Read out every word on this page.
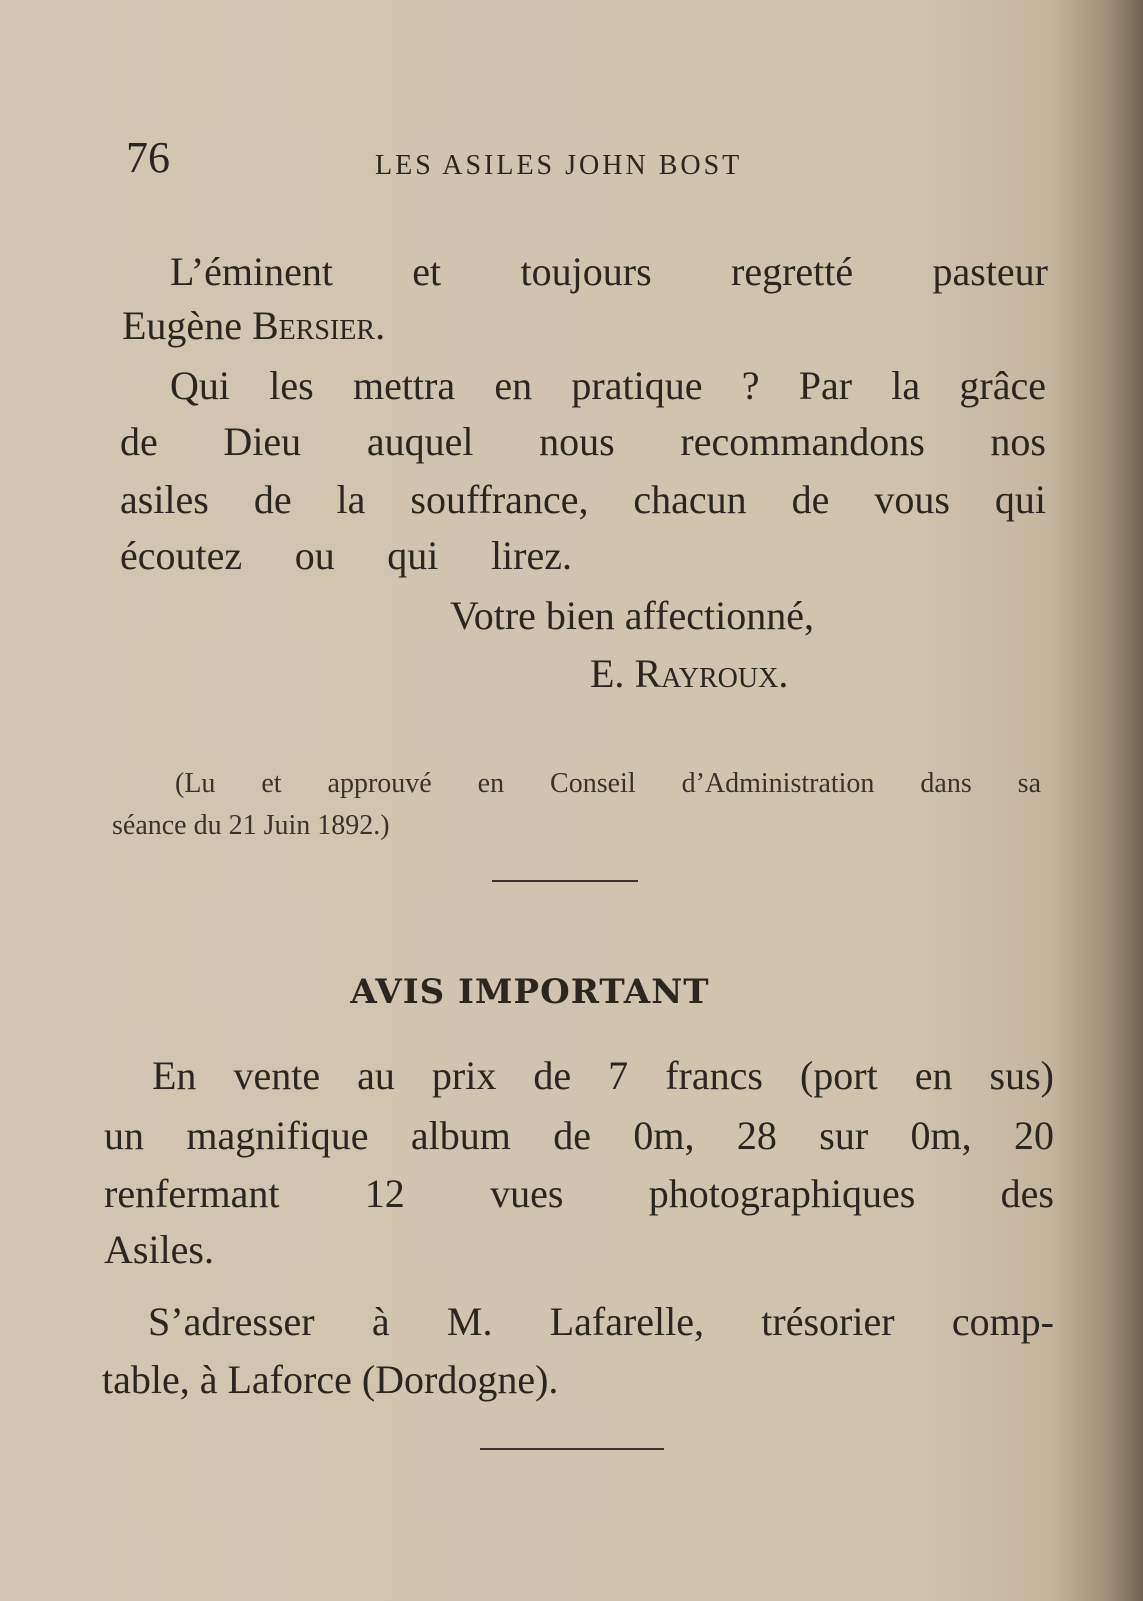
76	LES ASILES JOHN BOST
L’éminent et toujours regretté pasteur
Eugène Bersier.
Qui les mettra en pratique ? Par la grâce
de Dieu auquel nous recommandons nos
asiles de la souffrance, chacun de vous qui
écoutez ou qui lirez.
Votre bien affectionné,
E. Rayroux.
(Lu et approuvé en Conseil d’Administration dans sa
séance du 21 Juin 1892.)
AVIS IMPORTANT
En vente au prix de 7 francs (port en sus)
un magnifique album de 0m, 28 sur 0m, 20
renfermant 12 vues photographiques des
Asiles.
S’adresser à M. Lafarelle, trésorier comp-
table, à Laforce (Dordogne).
